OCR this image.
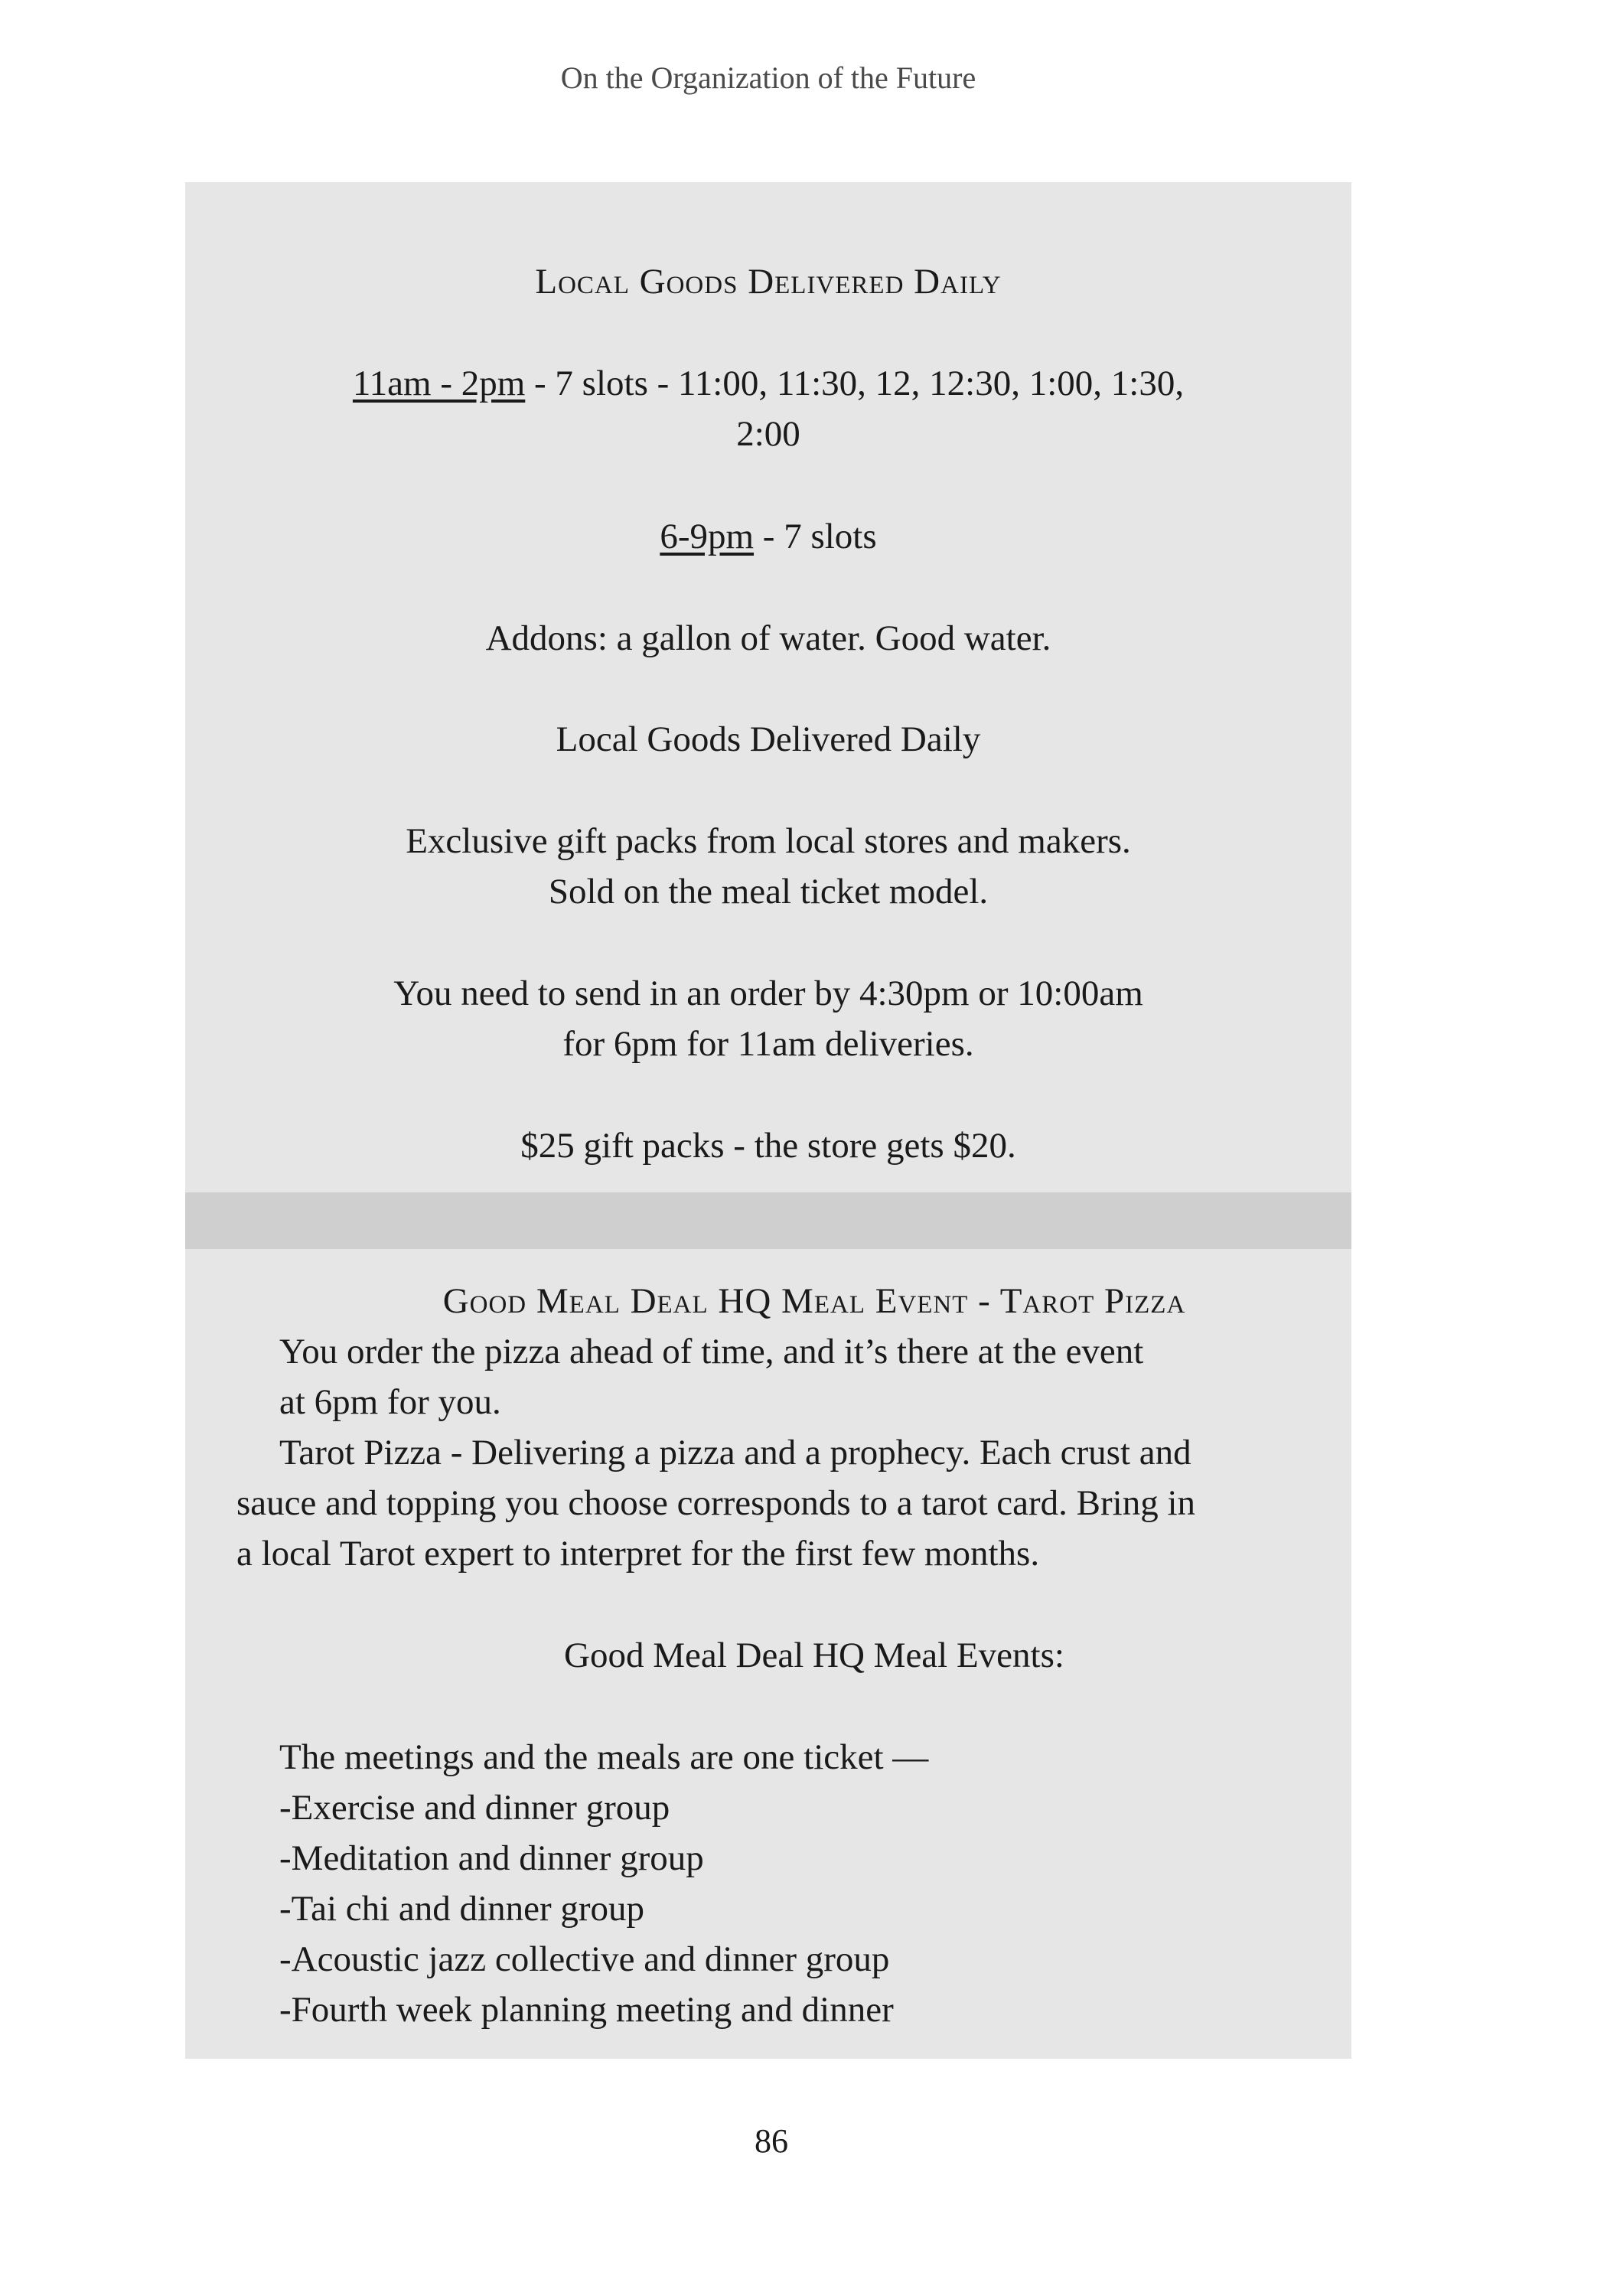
On the Organization of the Future
Local Goods Delivered Daily
11am - 2pm - 7 slots - 11:00, 11:30, 12, 12:30, 1:00, 1:30,
2:00
6-9pm - 7 slots
Addons: a gallon of water. Good water.
Local Goods Delivered Daily
Exclusive gift packs from local stores and makers.
Sold on the meal ticket model.
You need to send in an order by 4:30pm or 10:00am
for 6pm for 11am deliveries.
$25 gift packs - the store gets $20.
Good Meal Deal HQ Meal Event - Tarot Pizza
You order the pizza ahead of time, and it’s there at the event
at 6pm for you.
Tarot Pizza - Delivering a pizza and a prophecy. Each crust and
sauce and topping you choose corresponds to a tarot card. Bring in
a local Tarot expert to interpret for the first few months.
Good Meal Deal HQ Meal Events:
The meetings and the meals are one ticket —
-Exercise and dinner group
-Meditation and dinner group
-Tai chi and dinner group
-Acoustic jazz collective and dinner group
-Fourth week planning meeting and dinner
86
